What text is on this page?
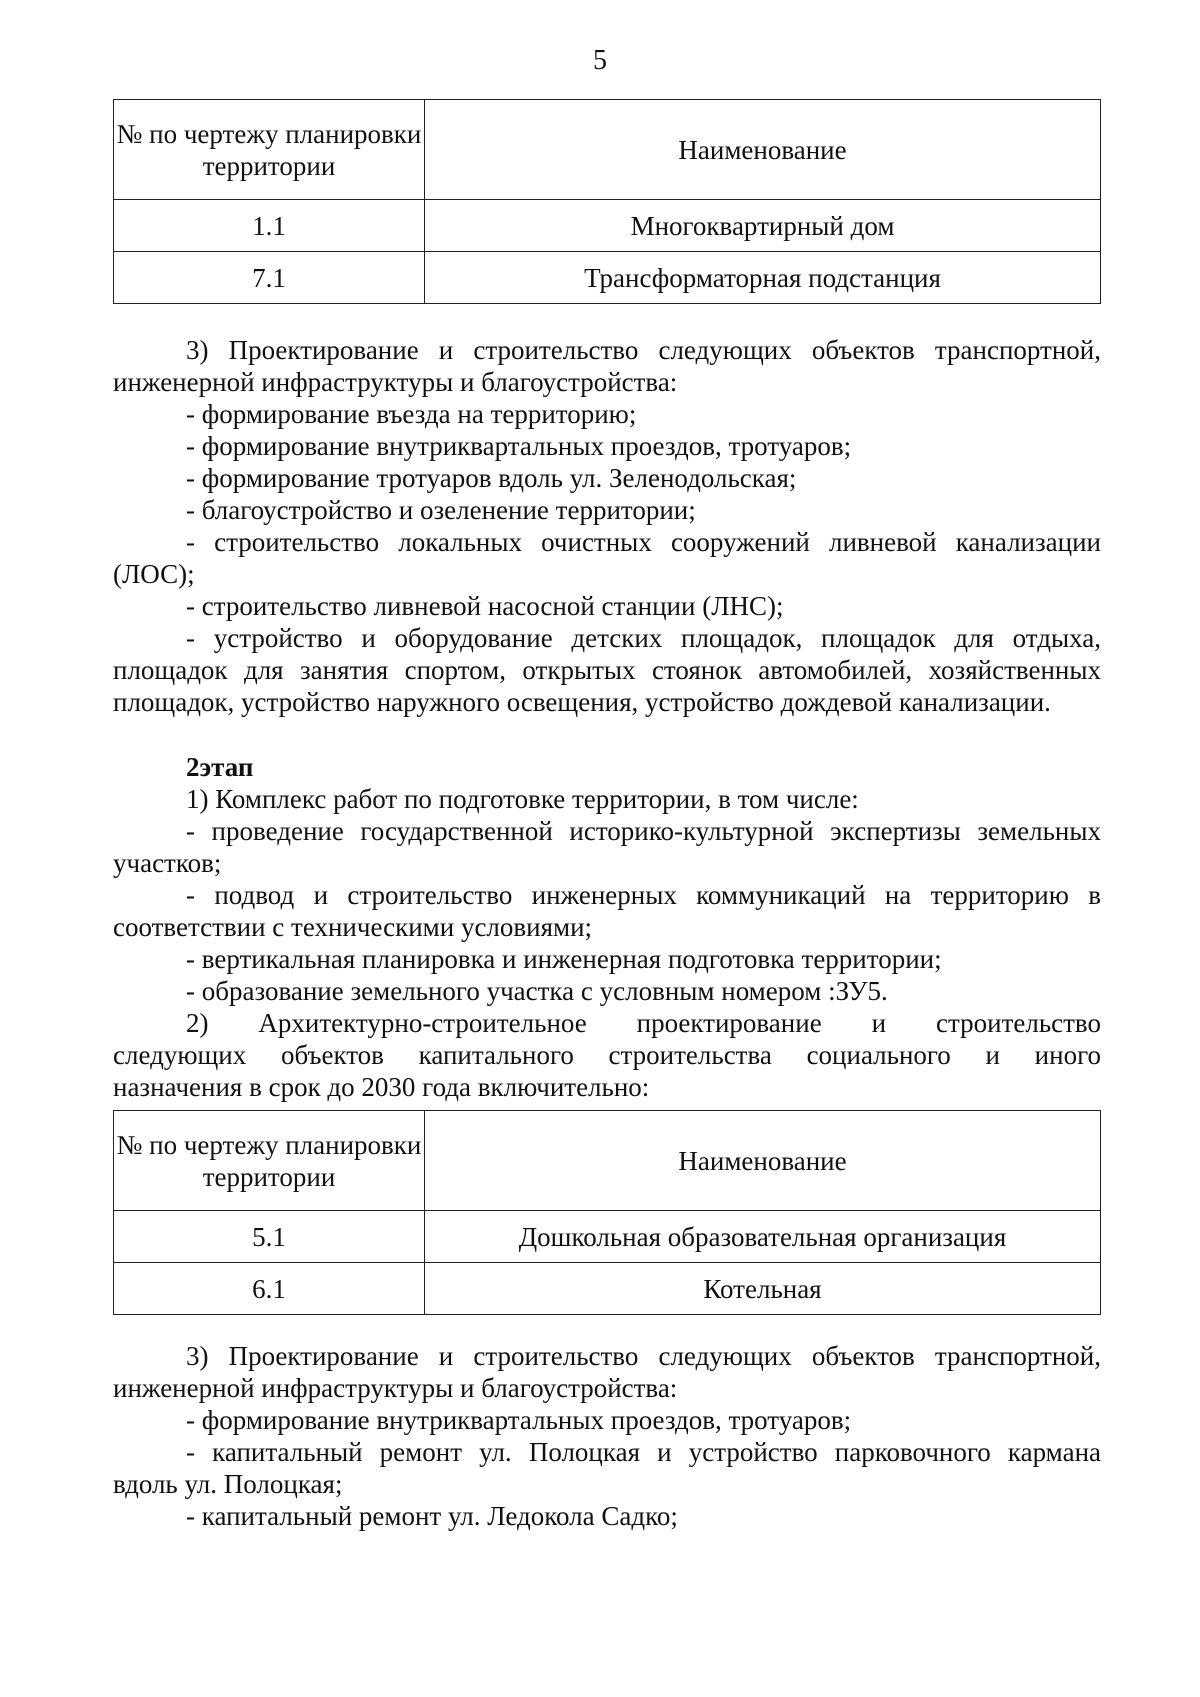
5
№ по чертежу планировки территории	Наименование
1.1	Многоквартирный дом
7.1	Трансформаторная подстанция

3) Проектирование и строительство следующих объектов транспортной,

инженерной инфраструктуры и благоустройства:

- формирование въезда на территорию;

- формирование внутриквартальных проездов, тротуаров;

- формирование тротуаров вдоль ул. Зеленодольская;

- благоустройство и озеленение территории;

- строительство локальных очистных сооружений ливневой канализации

(ЛОС);

- строительство ливневой насосной станции (ЛНС);

- устройство и оборудование детских площадок, площадок для отдыха,

площадок для занятия спортом, открытых стоянок автомобилей, хозяйственных

площадок, устройство наружного освещения, устройство дождевой канализации.

2этап

1) Комплекс работ по подготовке территории, в том числе:

- проведение государственной историко-культурной экспертизы земельных

участков;

- подвод и строительство инженерных коммуникаций на территорию в

соответствии с техническими условиями;

- вертикальная планировка и инженерная подготовка территории;

- образование земельного участка с условным номером :ЗУ5.

2) Архитектурно-строительное проектирование и строительство

следующих объектов капитального строительства социального и иного

назначения в срок до 2030 года включительно:

№ по чертежу планировки территории	Наименование
5.1	Дошкольная образовательная организация
6.1	Котельная

3) Проектирование и строительство следующих объектов транспортной,

инженерной инфраструктуры и благоустройства:

- формирование внутриквартальных проездов, тротуаров;

- капитальный ремонт ул. Полоцкая и устройство парковочного кармана

вдоль ул. Полоцкая;

- капитальный ремонт ул. Ледокола Садко;
